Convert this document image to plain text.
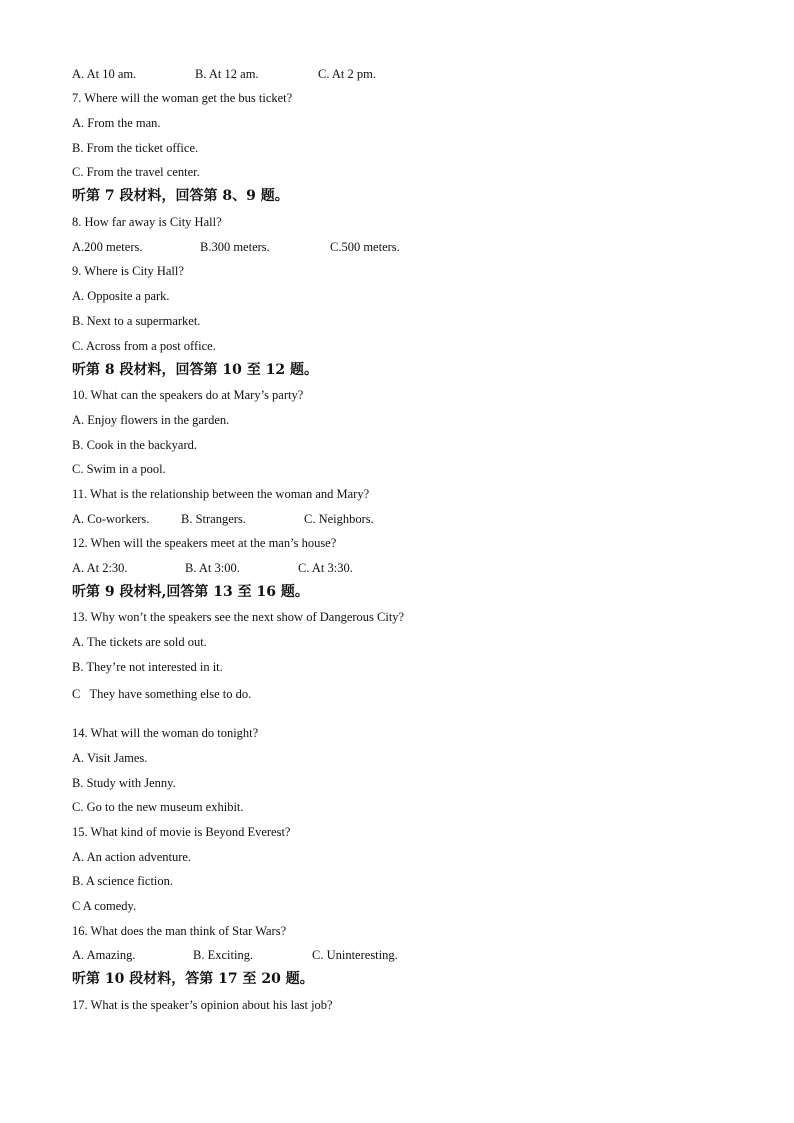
A. At 10 am.	B. At 12 am.	C. At 2 pm.
7. Where will the woman get the bus ticket?
A. From the man.
B. From the ticket office.
C. From the travel center.
听第 7 段材料，回答第 8、9 题。
8. How far away is City Hall?
A.200 meters.	B.300 meters.	C.500 meters.
9. Where is City Hall?
A. Opposite a park.
B. Next to a supermarket.
C. Across from a post office.
听第 8 段材料，回答第 10 至 12 题。
10. What can the speakers do at Mary’s party?
A. Enjoy flowers in the garden.
B. Cook in the backyard.
C. Swim in a pool.
11. What is the relationship between the woman and Mary?
A. Co-workers.	B. Strangers.	C. Neighbors.
12. When will the speakers meet at the man’s house?
A. At 2:30.	B. At 3:00.	C. At 3:30.
听第 9 段材料,回答第 13 至 16 题。
13. Why won’t the speakers see the next show of Dangerous City?
A. The tickets are sold out.
B. They’re not interested in it.
C   They have something else to do.
14. What will the woman do tonight?
A. Visit James.
B. Study with Jenny.
C. Go to the new museum exhibit.
15. What kind of movie is Beyond Everest?
A. An action adventure.
B. A science fiction.
C A comedy.
16. What does the man think of Star Wars?
A. Amazing.	B. Exciting.	C. Uninteresting.
听第 10 段材料，答第 17 至 20 题。
17. What is the speaker’s opinion about his last job?
